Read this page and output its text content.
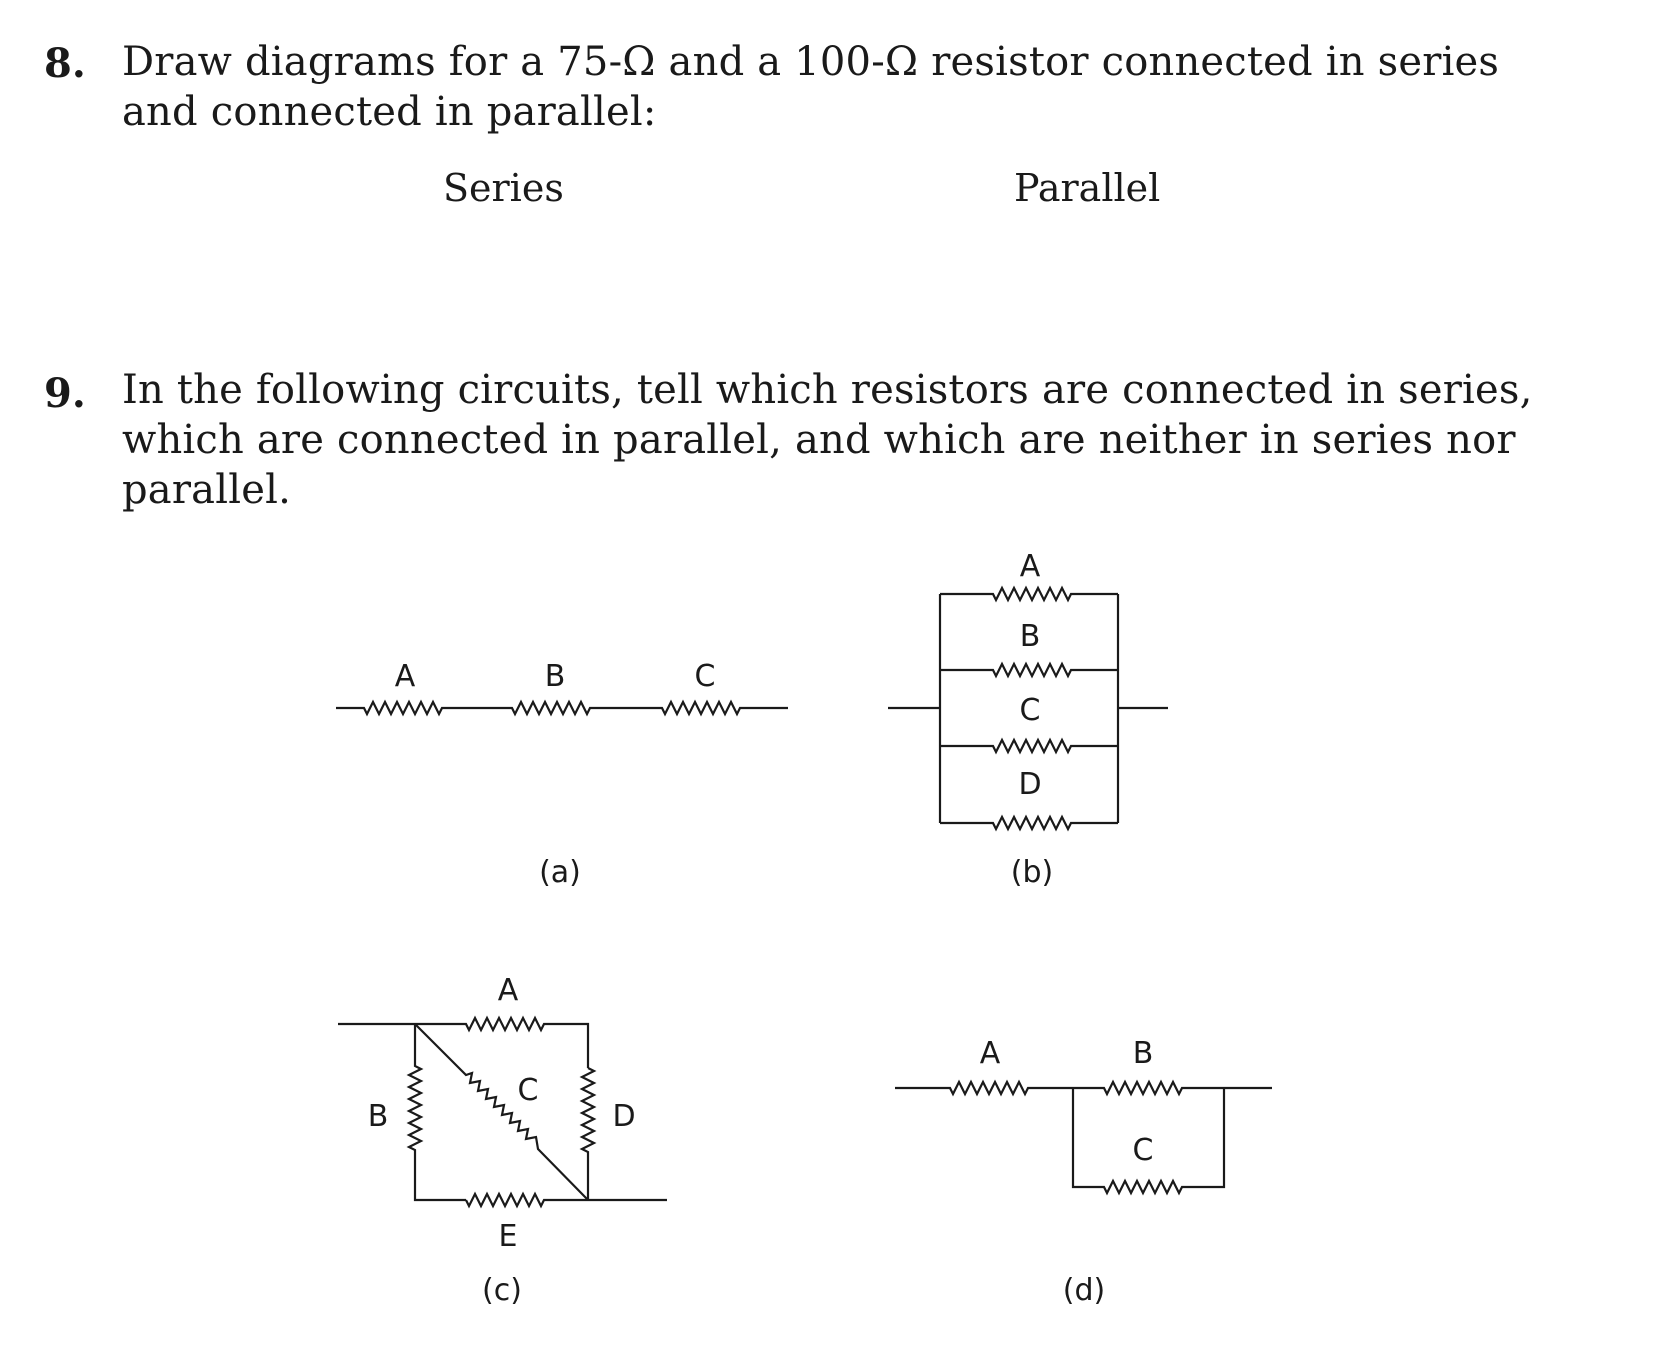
8. Draw diagrams for a 75-Ω and a 100-Ω resistor connected in series and connected in parallel:

Series	Parallel
9. In the following circuits, tell which resistors are connected in series, which are connected in parallel, and which are neither in series nor parallel.

A	B	C
(a)
A
B
C
D
(b)
A
B
C
D
E
(c)
A	B
C
(d)
